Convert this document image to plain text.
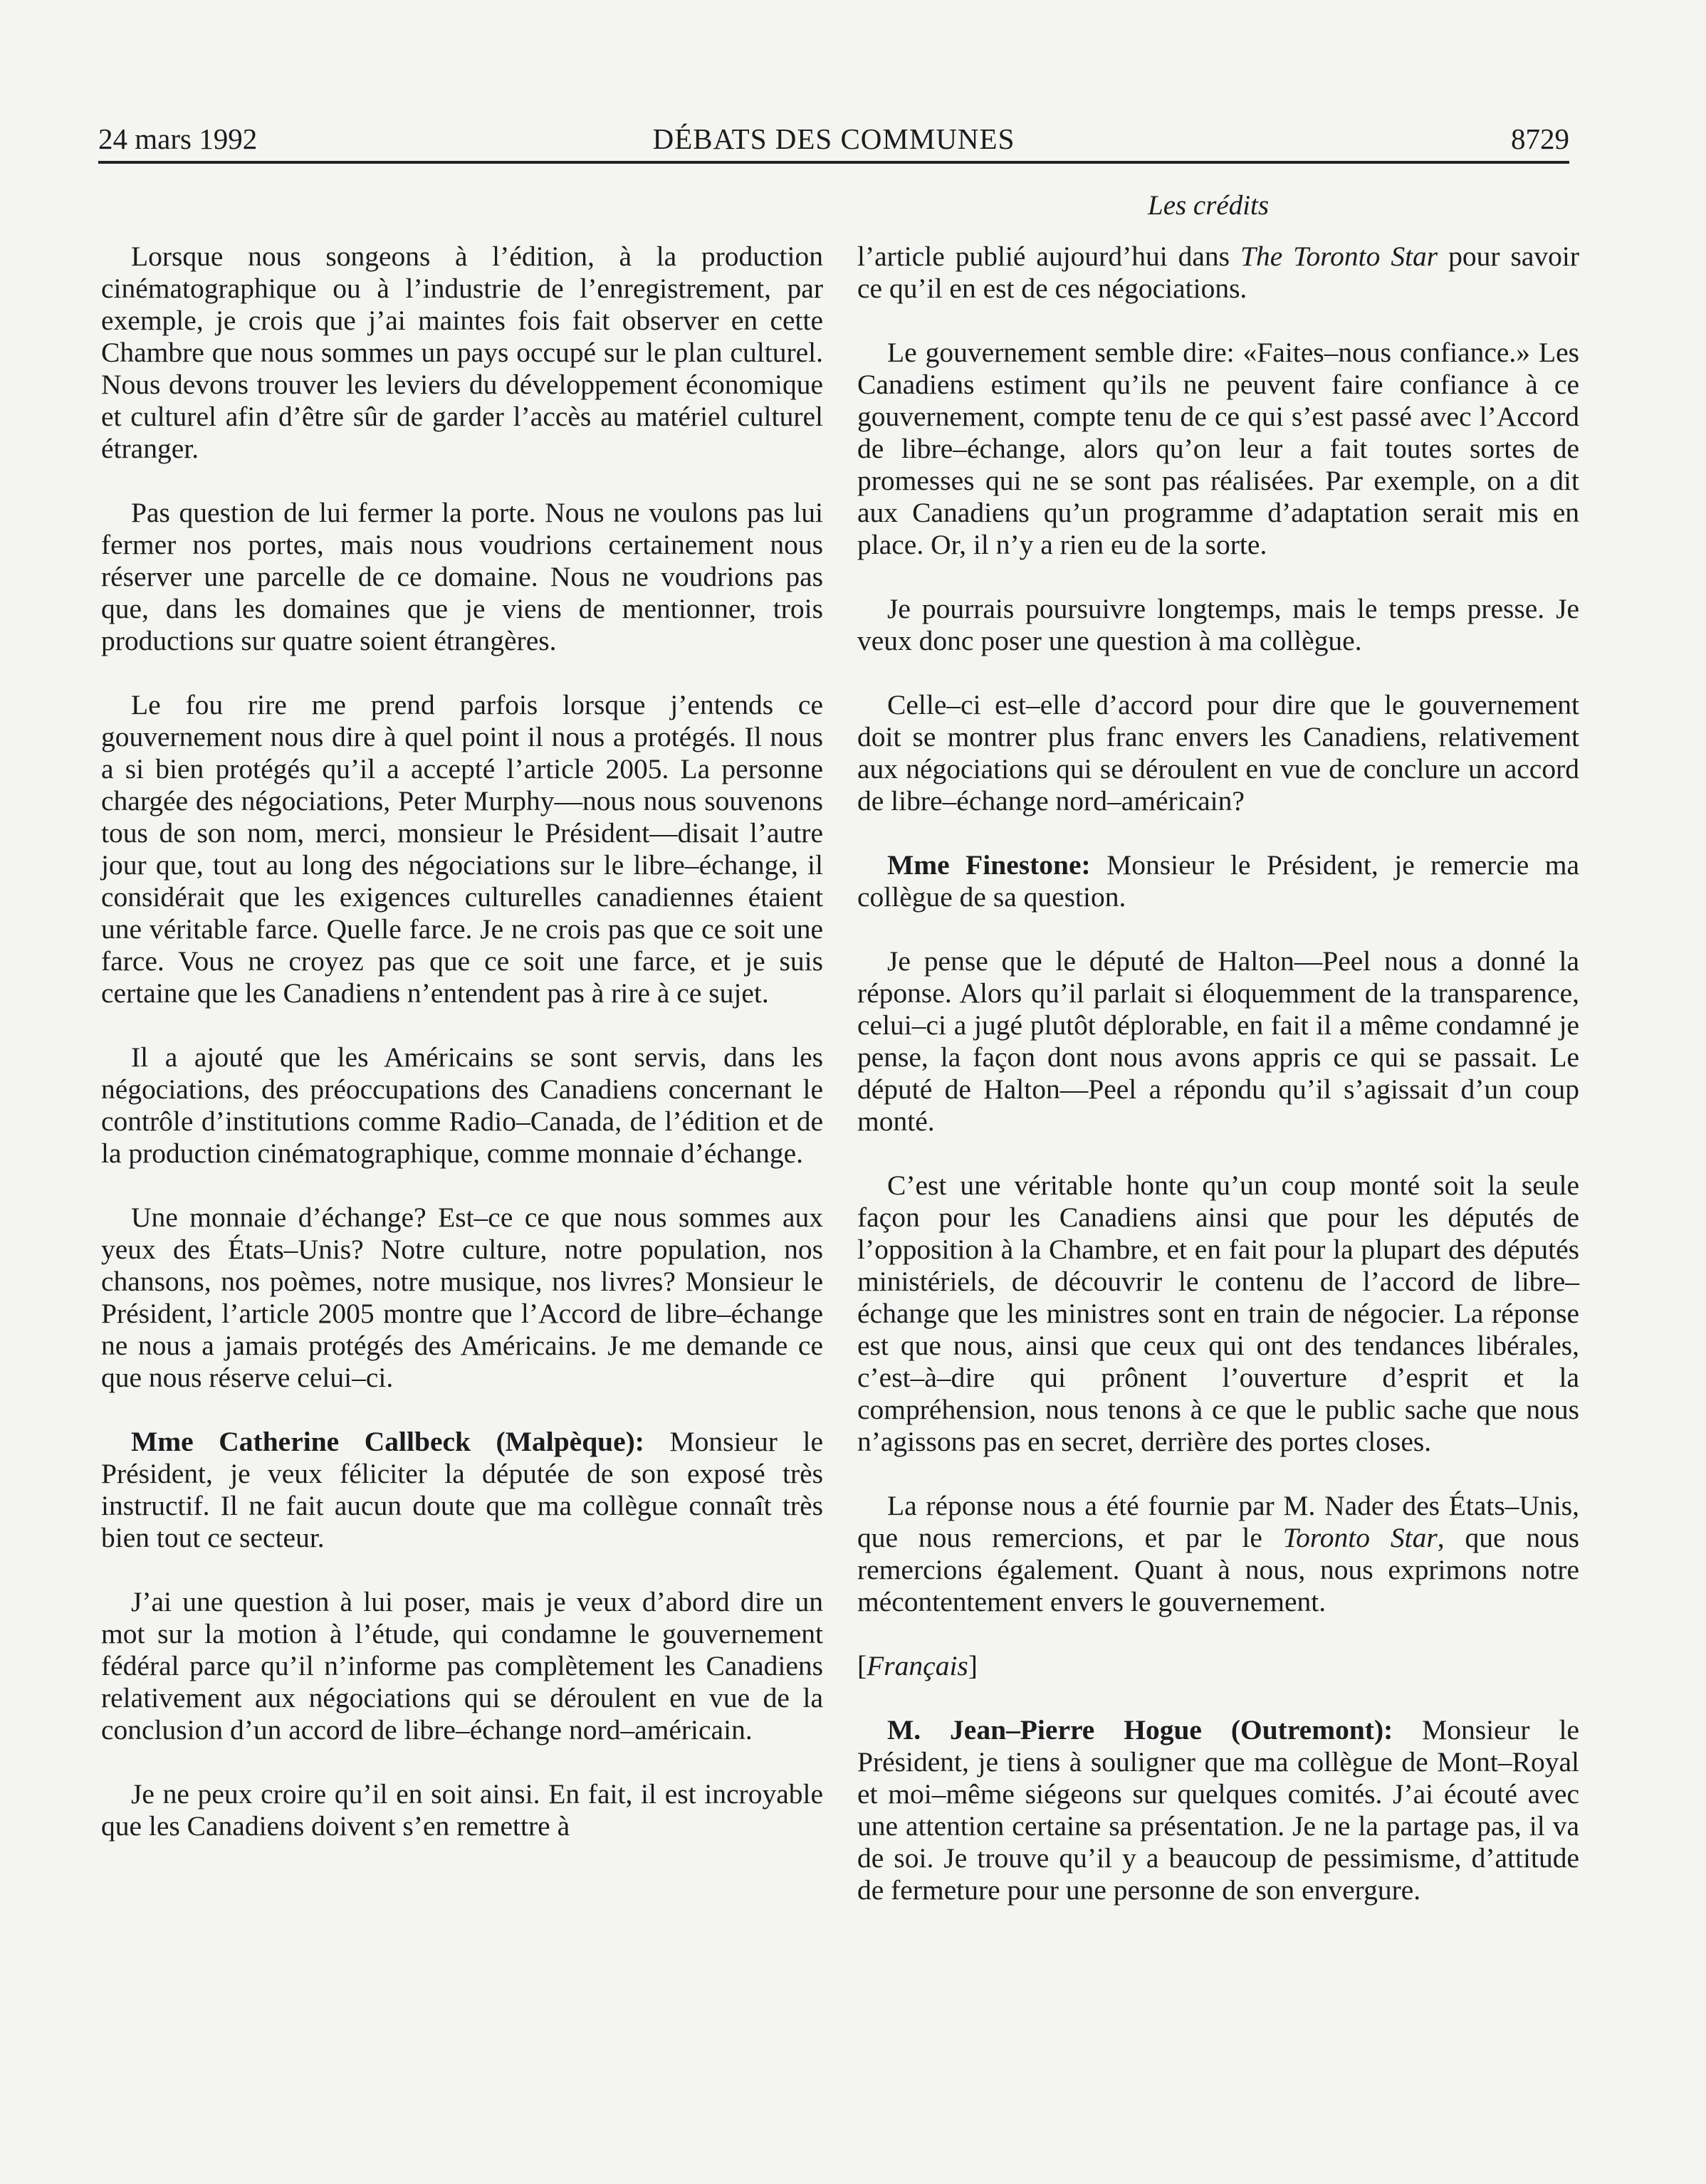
24 mars 1992	DÉBATS DES COMMUNES	8729
Les crédits

Lorsque nous songeons à l’édition, à la production cinématographique ou à l’industrie de l’enregistrement, par exemple, je crois que j’ai maintes fois fait observer en cette Chambre que nous sommes un pays occupé sur le plan culturel. Nous devons trouver les leviers du développement économique et culturel afin d’être sûr de garder l’accès au matériel culturel étranger.

Pas question de lui fermer la porte. Nous ne voulons pas lui fermer nos portes, mais nous voudrions certainement nous réserver une parcelle de ce domaine. Nous ne voudrions pas que, dans les domaines que je viens de mentionner, trois productions sur quatre soient étrangères.

Le fou rire me prend parfois lorsque j’entends ce gouvernement nous dire à quel point il nous a protégés. Il nous a si bien protégés qu’il a accepté l’article 2005. La personne chargée des négociations, Peter Murphy—nous nous souvenons tous de son nom, merci, monsieur le Président—disait l’autre jour que, tout au long des négociations sur le libre–échange, il considérait que les exigences culturelles canadiennes étaient une véritable farce. Quelle farce. Je ne crois pas que ce soit une farce. Vous ne croyez pas que ce soit une farce, et je suis certaine que les Canadiens n’entendent pas à rire à ce sujet.

Il a ajouté que les Américains se sont servis, dans les négociations, des préoccupations des Canadiens concernant le contrôle d’institutions comme Radio–Canada, de l’édition et de la production cinématographique, comme monnaie d’échange.

Une monnaie d’échange? Est–ce ce que nous sommes aux yeux des États–Unis? Notre culture, notre population, nos chansons, nos poèmes, notre musique, nos livres? Monsieur le Président, l’article 2005 montre que l’Accord de libre–échange ne nous a jamais protégés des Américains. Je me demande ce que nous réserve celui–ci.

Mme Catherine Callbeck (Malpèque): Monsieur le Président, je veux féliciter la députée de son exposé très instructif. Il ne fait aucun doute que ma collègue connaît très bien tout ce secteur.

J’ai une question à lui poser, mais je veux d’abord dire un mot sur la motion à l’étude, qui condamne le gouvernement fédéral parce qu’il n’informe pas complètement les Canadiens relativement aux négociations qui se déroulent en vue de la conclusion d’un accord de libre–échange nord–américain.

Je ne peux croire qu’il en soit ainsi. En fait, il est incroyable que les Canadiens doivent s’en remettre à

l’article publié aujourd’hui dans The Toronto Star pour savoir ce qu’il en est de ces négociations.

Le gouvernement semble dire: «Faites–nous confiance.» Les Canadiens estiment qu’ils ne peuvent faire confiance à ce gouvernement, compte tenu de ce qui s’est passé avec l’Accord de libre–échange, alors qu’on leur a fait toutes sortes de promesses qui ne se sont pas réalisées. Par exemple, on a dit aux Canadiens qu’un programme d’adaptation serait mis en place. Or, il n’y a rien eu de la sorte.

Je pourrais poursuivre longtemps, mais le temps presse. Je veux donc poser une question à ma collègue.

Celle–ci est–elle d’accord pour dire que le gouvernement doit se montrer plus franc envers les Canadiens, relativement aux négociations qui se déroulent en vue de conclure un accord de libre–échange nord–américain?

Mme Finestone: Monsieur le Président, je remercie ma collègue de sa question.

Je pense que le député de Halton—Peel nous a donné la réponse. Alors qu’il parlait si éloquemment de la transparence, celui–ci a jugé plutôt déplorable, en fait il a même condamné je pense, la façon dont nous avons appris ce qui se passait. Le député de Halton—Peel a répondu qu’il s’agissait d’un coup monté.

C’est une véritable honte qu’un coup monté soit la seule façon pour les Canadiens ainsi que pour les députés de l’opposition à la Chambre, et en fait pour la plupart des députés ministériels, de découvrir le contenu de l’accord de libre–échange que les ministres sont en train de négocier. La réponse est que nous, ainsi que ceux qui ont des tendances libérales, c’est–à–dire qui prônent l’ouverture d’esprit et la compréhension, nous tenons à ce que le public sache que nous n’agissons pas en secret, derrière des portes closes.

La réponse nous a été fournie par M. Nader des États–Unis, que nous remercions, et par le Toronto Star, que nous remercions également. Quant à nous, nous exprimons notre mécontentement envers le gouvernement.

[Français]

M. Jean–Pierre Hogue (Outremont): Monsieur le Président, je tiens à souligner que ma collègue de Mont–Royal et moi–même siégeons sur quelques comités. J’ai écouté avec une attention certaine sa présentation. Je ne la partage pas, il va de soi. Je trouve qu’il y a beaucoup de pessimisme, d’attitude de fermeture pour une personne de son envergure.
